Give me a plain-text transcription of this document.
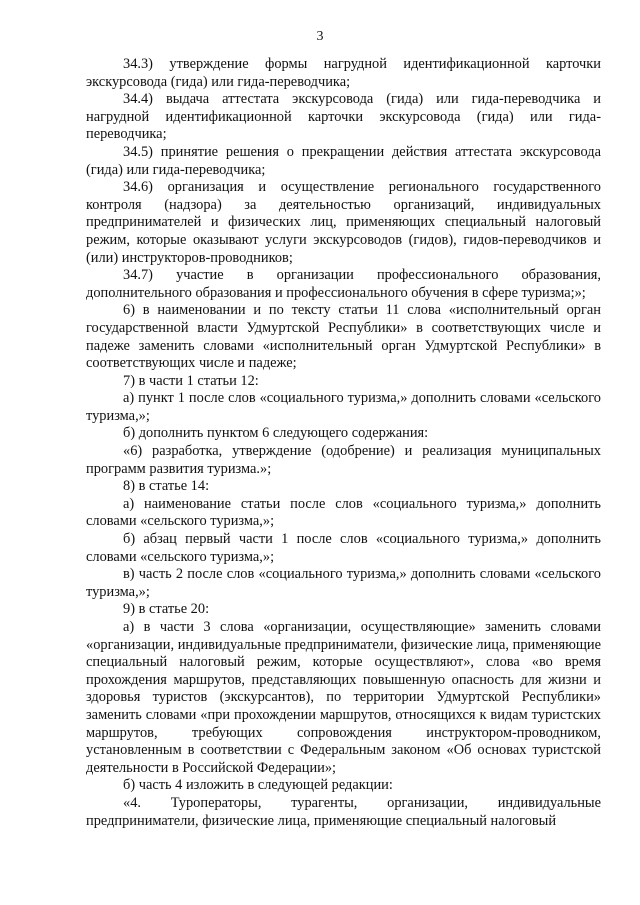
3

34.3) утверждение формы нагрудной идентификационной карточки экскурсовода (гида) или гида-переводчика;

34.4) выдача аттестата экскурсовода (гида) или гида-переводчика и нагрудной идентификационной карточки экскурсовода (гида) или гида-переводчика;

34.5) принятие решения о прекращении действия аттестата экскурсовода (гида) или гида-переводчика;

34.6) организация и осуществление регионального государственного контроля (надзора) за деятельностью организаций, индивидуальных предпринимателей и физических лиц, применяющих специальный налоговый режим, которые оказывают услуги экскурсоводов (гидов), гидов-переводчиков и (или) инструкторов-проводников;

34.7) участие в организации профессионального образования, дополнительного образования и профессионального обучения в сфере туризма;»;

6) в наименовании и по тексту статьи 11 слова «исполнительный орган государственной власти Удмуртской Республики» в соответствующих числе и падеже заменить словами «исполнительный орган Удмуртской Республики» в соответствующих числе и падеже;

7) в части 1 статьи 12:

а) пункт 1 после слов «социального туризма,» дополнить словами «сельского туризма,»;

б) дополнить пунктом 6 следующего содержания:

«6) разработка, утверждение (одобрение) и реализация муниципальных программ развития туризма.»;

8) в статье 14:

а) наименование статьи после слов «социального туризма,» дополнить словами «сельского туризма,»;

б) абзац первый части 1 после слов «социального туризма,» дополнить словами «сельского туризма,»;

в) часть 2 после слов «социального туризма,» дополнить словами «сельского туризма,»;

9) в статье 20:

а) в части 3 слова «организации, осуществляющие» заменить словами «организации, индивидуальные предприниматели, физические лица, применяющие специальный налоговый режим, которые осуществляют», слова «во время прохождения маршрутов, представляющих повышенную опасность для жизни и здоровья туристов (экскурсантов), по территории Удмуртской Республики» заменить словами «при прохождении маршрутов, относящихся к видам туристских маршрутов, требующих сопровождения инструктором-проводником, установленным в соответствии с Федеральным законом «Об основах туристской деятельности в Российской Федерации»;

б) часть 4 изложить в следующей редакции:

«4. Туроператоры, турагенты, организации, индивидуальные предприниматели, физические лица, применяющие специальный налоговый
